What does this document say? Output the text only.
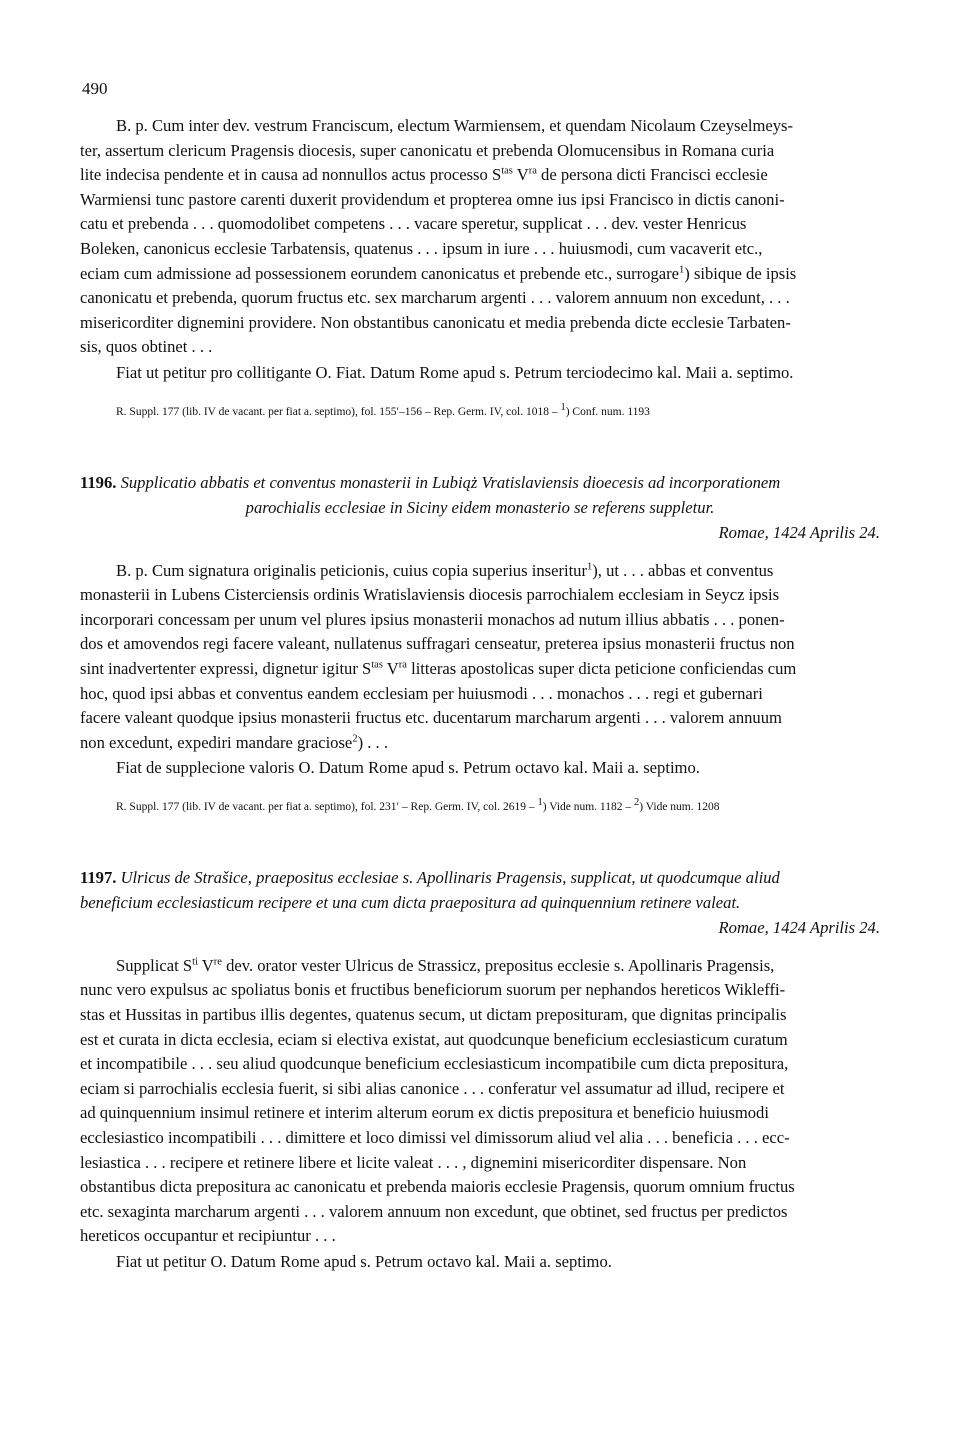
490
B. p. Cum inter dev. vestrum Franciscum, electum Warmiensem, et quendam Nicolaum Czeyselmeys-
ter, assertum clericum Pragensis diocesis, super canonicatu et prebenda Olomucensibus in Romana curia
lite indecisa pendente et in causa ad nonnullos actus processo $S^{tas}$ $V^{ra}$ de persona dicti Francisci ecclesie
Warmiensi tunc pastore carenti duxerit providendum et propterea omne ius ipsi Francisco in dictis canoni-
catu et prebenda . . . quomodolibet competens . . . vacare speretur, supplicat . . . dev. vester Henricus
Boleken, canonicus ecclesie Tarbatensis, quatenus . . . ipsum in iure . . . huiusmodi, cum vacaverit etc.,
eciam cum admissione ad possessionem eorundem canonicatus et prebende etc., surrogare$^1$) sibique de ipsis
canonicatu et prebenda, quorum fructus etc. sex marcharum argenti . . . valorem annuum non excedunt, . . .
misericorditer dignemini providere. Non obstantibus canonicatu et media prebenda dicte ecclesie Tarbaten-
sis, quos obtinet . . .
Fiat ut petitur pro collitigante O. Fiat. Datum Rome apud s. Petrum terciodecimo kal. Maii a. septimo.
R. Suppl. 177 (lib. IV de vacant. per fiat a. septimo), fol. 155′–156 – Rep. Germ. IV, col. 1018 – $^1$) Conf. num. 1193

1196. Supplicatio abbatis et conventus monasterii in Lubiąż Vratislaviensis dioecesis ad incorporationem

parochialis ecclesiae in Siciny eidem monasterio se referens suppletur.

Romae, 1424 Aprilis 24.

B. p. Cum signatura originalis peticionis, cuius copia superius inseritur$^1$), ut . . . abbas et conventus
monasterii in Lubens Cisterciensis ordinis Wratislaviensis diocesis parrochialem ecclesiam in Seycz ipsis
incorporari concessam per unum vel plures ipsius monasterii monachos ad nutum illius abbatis . . . ponen-
dos et amovendos regi facere valeant, nullatenus suffragari censeatur, preterea ipsius monasterii fructus non
sint inadvertenter expressi, dignetur igitur $S^{tas}$ $V^{ra}$ litteras apostolicas super dicta peticione conficiendas cum
hoc, quod ipsi abbas et conventus eandem ecclesiam per huiusmodi . . . monachos . . . regi et gubernari
facere valeant quodque ipsius monasterii fructus etc. ducentarum marcharum argenti . . . valorem annuum
non excedunt, expediri mandare graciose$^2$) . . .
Fiat de supplecione valoris O. Datum Rome apud s. Petrum octavo kal. Maii a. septimo.
R. Suppl. 177 (lib. IV de vacant. per fiat a. septimo), fol. 231′ – Rep. Germ. IV, col. 2619 – $^1$) Vide num. 1182 – $^2$) Vide num. 1208

1197. Ulricus de Strašice, praepositus ecclesiae s. Apollinaris Pragensis, supplicat, ut quodcumque aliud

beneficium ecclesiasticum recipere et una cum dicta praepositura ad quinquennium retinere valeat.

Romae, 1424 Aprilis 24.

Supplicat $S^{ti}$ Vre dev. orator vester Ulricus de Strassicz, prepositus ecclesie s. Apollinaris Pragensis,
nunc vero expulsus ac spoliatus bonis et fructibus beneficiorum suorum per nephandos hereticos Wikleffi-
stas et Hussitas in partibus illis degentes, quatenus secum, ut dictam preposituram, que dignitas principalis
est et curata in dicta ecclesia, eciam si electiva existat, aut quodcunque beneficium ecclesiasticum curatum
et incompatibile . . . seu aliud quodcunque beneficium ecclesiasticum incompatibile cum dicta prepositura,
eciam si parrochialis ecclesia fuerit, si sibi alias canonice . . . conferatur vel assumatur ad illud, recipere et
ad quinquennium insimul retinere et interim alterum eorum ex dictis prepositura et beneficio huiusmodi
ecclesiastico incompatibili . . . dimittere et loco dimissi vel dimissorum aliud vel alia . . . beneficia . . . ecc-
lesiastica . . . recipere et retinere libere et licite valeat . . . , dignemini misericorditer dispensare. Non
obstantibus dicta prepositura ac canonicatu et prebenda maioris ecclesie Pragensis, quorum omnium fructus
etc. sexaginta marcharum argenti . . . valorem annuum non excedunt, que obtinet, sed fructus per predictos
hereticos occupantur et recipiuntur . . .
Fiat ut petitur O. Datum Rome apud s. Petrum octavo kal. Maii a. septimo.
